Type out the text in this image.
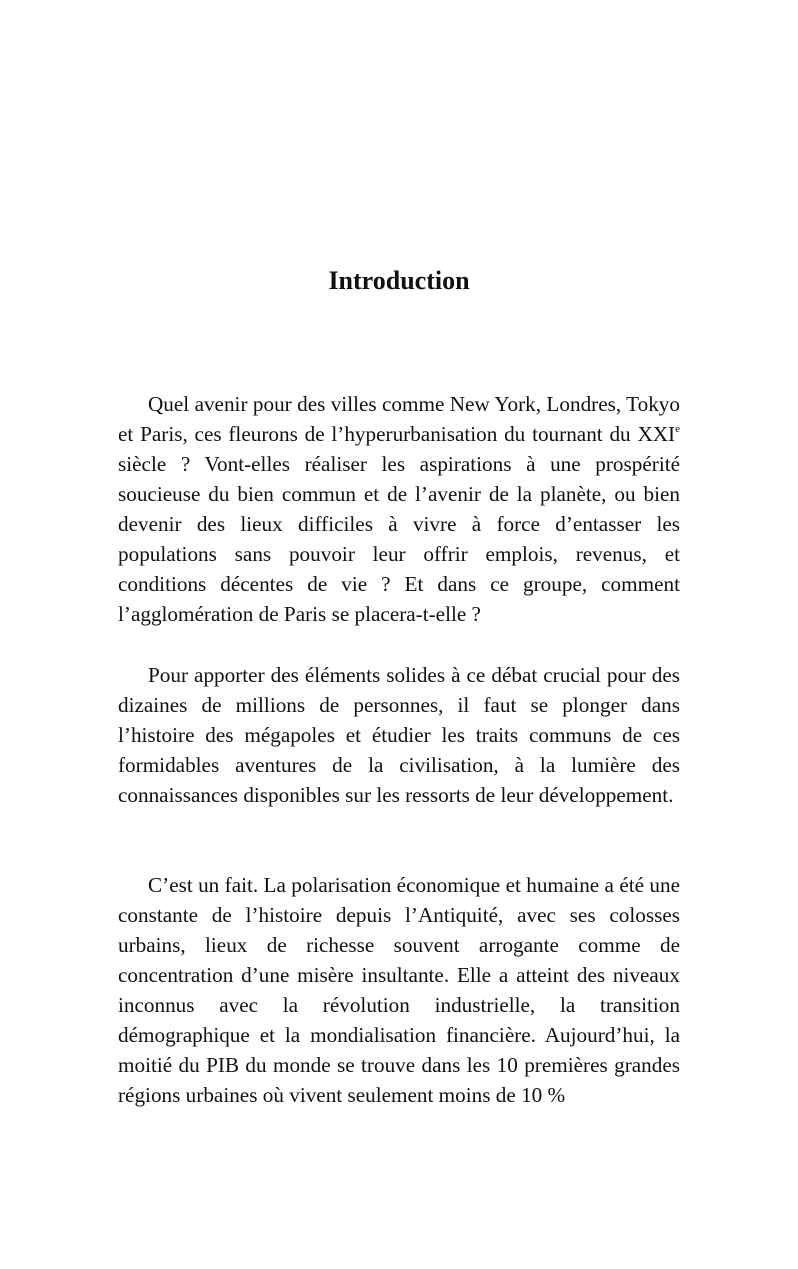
Introduction

Quel avenir pour des villes comme New York, Londres, Tokyo et Paris, ces fleurons de l’hyperurbanisation du tournant du XXIe siècle ? Vont-elles réaliser les aspirations à une prospérité soucieuse du bien commun et de l’avenir de la planète, ou bien devenir des lieux difficiles à vivre à force d’entasser les populations sans pouvoir leur offrir emplois, revenus, et conditions décentes de vie ? Et dans ce groupe, comment l’agglomération de Paris se placera-t-elle ?

Pour apporter des éléments solides à ce débat crucial pour des dizaines de millions de personnes, il faut se plonger dans l’histoire des mégapoles et étudier les traits communs de ces formidables aventures de la civilisation, à la lumière des connaissances disponibles sur les ressorts de leur développement.

C’est un fait. La polarisation économique et humaine a été une constante de l’histoire depuis l’Antiquité, avec ses colosses urbains, lieux de richesse souvent arrogante comme de concentration d’une misère insultante. Elle a atteint des niveaux inconnus avec la révolution industrielle, la transition démographique et la mondialisation financière. Aujourd’hui, la moitié du PIB du monde se trouve dans les 10 premières grandes régions urbaines où vivent seulement moins de 10 %
